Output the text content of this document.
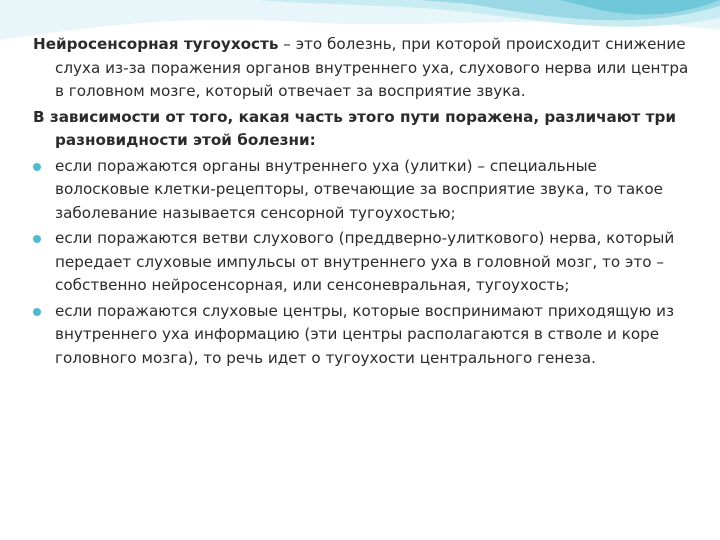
Нейросенсорная тугоухость – это болезнь, при которой происходит снижение слуха из-за поражения органов внутреннего уха, слухового нерва или центра в головном мозге, который отвечает за восприятие звука.

В зависимости от того, какая часть этого пути поражена, различают три разновидности этой болезни:

если поражаются органы внутреннего уха (улитки) – специальные волосковые клетки-рецепторы, отвечающие за восприятие звука, то такое заболевание называется сенсорной тугоухостью;
если поражаются ветви слухового (преддверно-улиткового) нерва, который передает слуховые импульсы от внутреннего уха в головной мозг, то это – собственно нейросенсорная, или сенсоневральная, тугоухость;
если поражаются слуховые центры, которые воспринимают приходящую из внутреннего уха информацию (эти центры располагаются в стволе и коре головного мозга), то речь идет о тугоухости центрального генеза.
